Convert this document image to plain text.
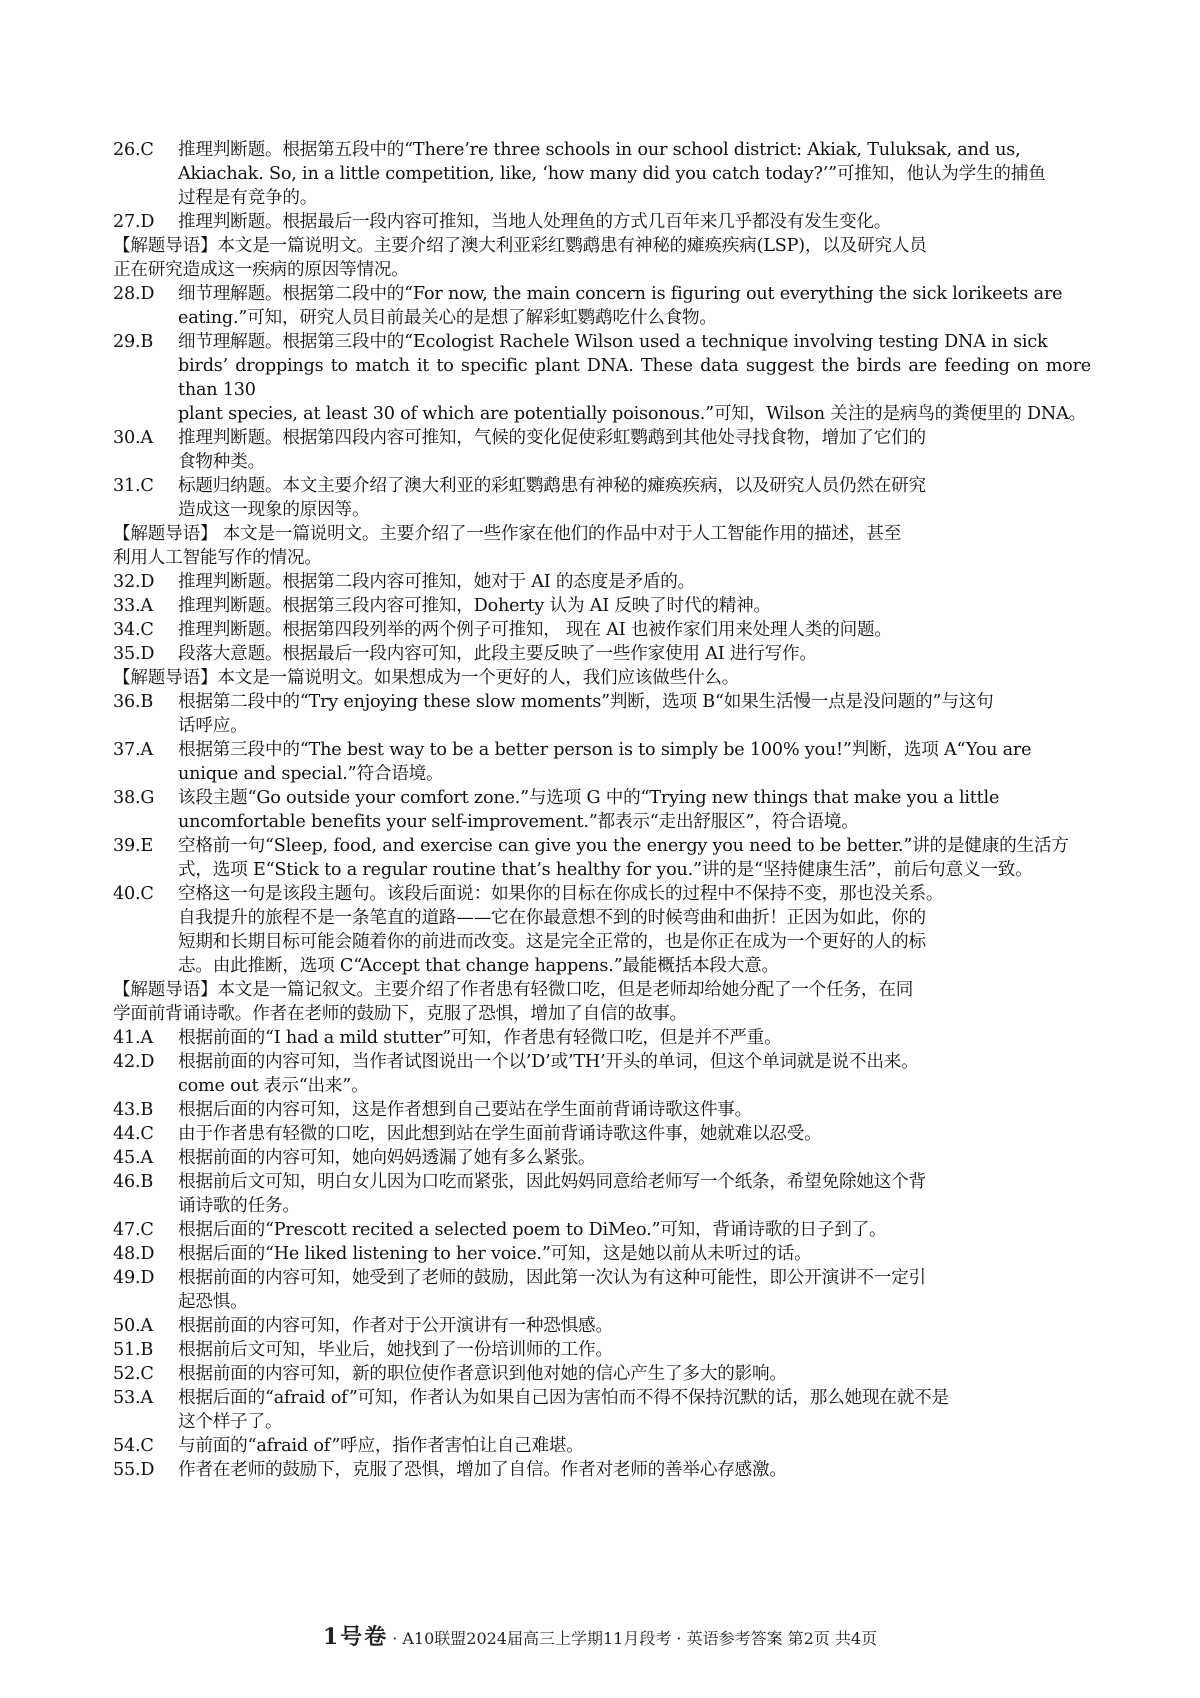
26.C	推理判断题。根据第五段中的“There’re three schools in our school district: Akiak, Tuluksak, and us,
Akiachak. So, in a little competition, like, ‘how many did you catch today?’”可推知，他认为学生的捕鱼
过程是有竞争的。
27.D	推理判断题。根据最后一段内容可推知，当地人处理鱼的方式几百年来几乎都没有发生变化。
【解题导语】本文是一篇说明文。主要介绍了澳大利亚彩红鹦鹉患有神秘的瘫痪疾病(LSP)，以及研究人员
正在研究造成这一疾病的原因等情况。
28.D	细节理解题。根据第二段中的“For now, the main concern is figuring out everything the sick lorikeets are
eating.”可知，研究人员目前最关心的是想了解彩虹鹦鹉吃什么食物。
29.B	细节理解题。根据第三段中的“Ecologist Rachele Wilson used a technique involving testing DNA in sick
birds’ droppings to match it to specific plant DNA. These data suggest the birds are feeding on more than 130
plant species, at least 30 of which are potentially poisonous.”可知，Wilson 关注的是病鸟的粪便里的 DNA。
30.A	推理判断题。根据第四段内容可推知，气候的变化促使彩虹鹦鹉到其他处寻找食物，增加了它们的
食物种类。
31.C	标题归纳题。本文主要介绍了澳大利亚的彩虹鹦鹉患有神秘的瘫痪疾病，以及研究人员仍然在研究
造成这一现象的原因等。
【解题导语】 本文是一篇说明文。主要介绍了一些作家在他们的作品中对于人工智能作用的描述，甚至
利用人工智能写作的情况。
32.D	推理判断题。根据第二段内容可推知，她对于 AI 的态度是矛盾的。
33.A	推理判断题。根据第三段内容可推知，Doherty 认为 AI 反映了时代的精神。
34.C	推理判断题。根据第四段列举的两个例子可推知， 现在 AI 也被作家们用来处理人类的问题。
35.D	段落大意题。根据最后一段内容可知，此段主要反映了一些作家使用 AI 进行写作。
【解题导语】本文是一篇说明文。如果想成为一个更好的人，我们应该做些什么。
36.B	根据第二段中的“Try enjoying these slow moments”判断，选项 B“如果生活慢一点是没问题的”与这句
话呼应。
37.A	根据第三段中的“The best way to be a better person is to simply be 100% you!”判断，选项 A“You are
unique and special.”符合语境。
38.G	该段主题“Go outside your comfort zone.”与选项 G 中的“Trying new things that make you a little
uncomfortable benefits your self-improvement.”都表示“走出舒服区”，符合语境。
39.E	空格前一句“Sleep, food, and exercise can give you the energy you need to be better.”讲的是健康的生活方
式，选项 E“Stick to a regular routine that’s healthy for you.”讲的是“坚持健康生活”，前后句意义一致。
40.C	空格这一句是该段主题句。该段后面说：如果你的目标在你成长的过程中不保持不变，那也没关系。
自我提升的旅程不是一条笔直的道路——它在你最意想不到的时候弯曲和曲折！正因为如此，你的
短期和长期目标可能会随着你的前进而改变。这是完全正常的，也是你正在成为一个更好的人的标
志。由此推断，选项 C“Accept that change happens.”最能概括本段大意。
【解题导语】本文是一篇记叙文。主要介绍了作者患有轻微口吃，但是老师却给她分配了一个任务，在同
学面前背诵诗歌。作者在老师的鼓励下，克服了恐惧，增加了自信的故事。
41.A	根据前面的“I had a mild stutter”可知，作者患有轻微口吃，但是并不严重。
42.D	根据前面的内容可知，当作者试图说出一个以’D’或’TH’开头的单词，但这个单词就是说不出来。
come out 表示“出来”。
43.B	根据后面的内容可知，这是作者想到自己要站在学生面前背诵诗歌这件事。
44.C	由于作者患有轻微的口吃，因此想到站在学生面前背诵诗歌这件事，她就难以忍受。
45.A	根据前面的内容可知，她向妈妈透漏了她有多么紧张。
46.B	根据前后文可知，明白女儿因为口吃而紧张，因此妈妈同意给老师写一个纸条，希望免除她这个背
诵诗歌的任务。
47.C	根据后面的“Prescott recited a selected poem to DiMeo.”可知，背诵诗歌的日子到了。
48.D	根据后面的“He liked listening to her voice.”可知，这是她以前从未听过的话。
49.D	根据前面的内容可知，她受到了老师的鼓励，因此第一次认为有这种可能性，即公开演讲不一定引
起恐惧。
50.A	根据前面的内容可知，作者对于公开演讲有一种恐惧感。
51.B	根据前后文可知，毕业后，她找到了一份培训师的工作。
52.C	根据前面的内容可知，新的职位使作者意识到他对她的信心产生了多大的影响。
53.A	根据后面的“afraid of”可知，作者认为如果自己因为害怕而不得不保持沉默的话，那么她现在就不是
这个样子了。
54.C	与前面的“afraid of”呼应，指作者害怕让自己难堪。
55.D	作者在老师的鼓励下，克服了恐惧，增加了自信。作者对老师的善举心存感激。
1号卷 · A10联盟2024届高三上学期11月段考 · 英语参考答案 第2页 共4页
